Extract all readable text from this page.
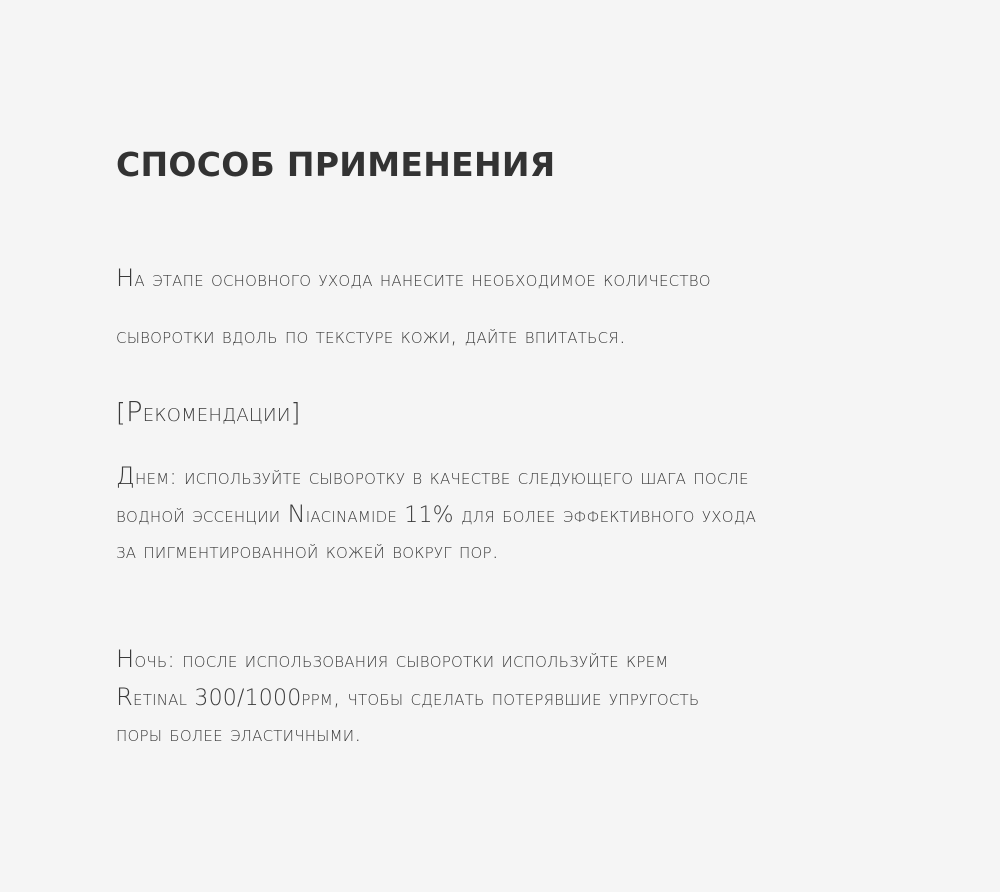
СПОСОБ ПРИМЕНЕНИЯ
На этапе основного ухода нанесите необходимое количество
сыворотки вдоль по текстуре кожи, дайте впитаться.
[Рекомендации]
Днем: используйте сыворотку в качестве следующего шага после
водной эссенции Niacinamide 11% для более эффективного ухода
за пигментированной кожей вокруг пор.
Ночь: после использования сыворотки используйте крем
Retinal 300/1000ppm, чтобы сделать потерявшие упругость
поры более эластичными.
